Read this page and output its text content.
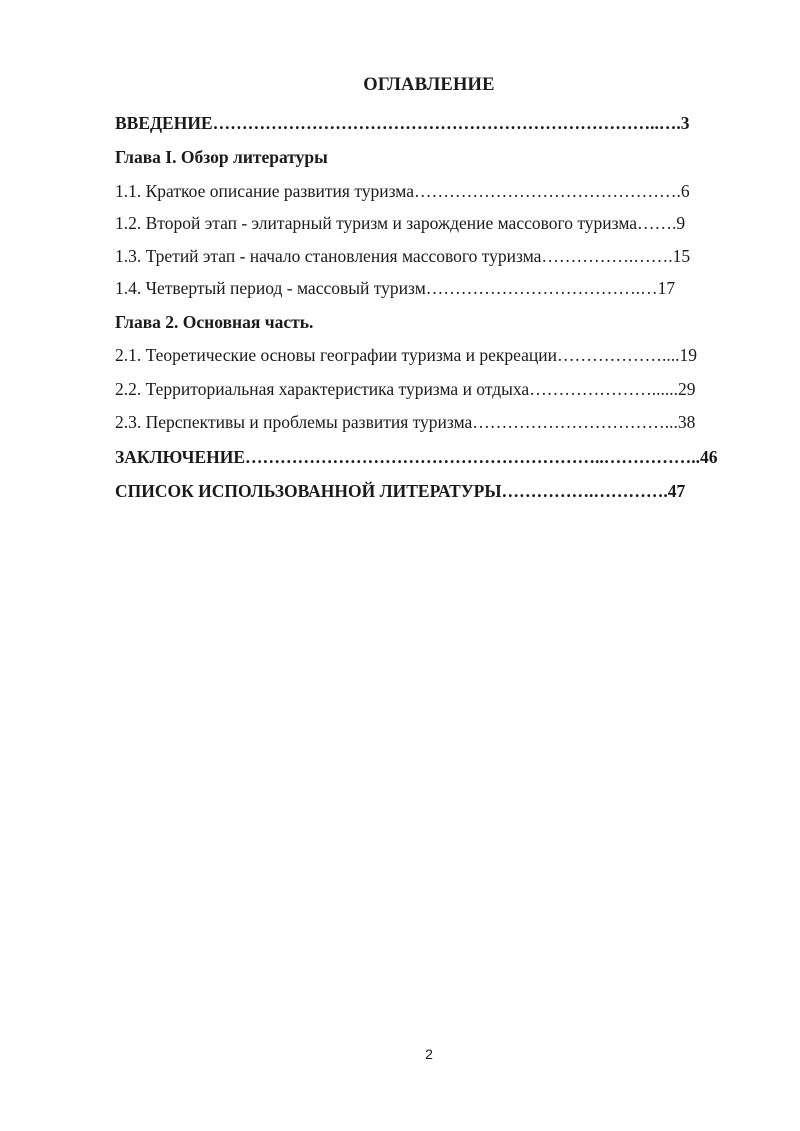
ОГЛАВЛЕНИЕ
ВВЕДЕНИЕ…………………………………………………………………..….3
Глава I. Обзор литературы
1.1. Краткое описание развития туризма……………………………………….6
1.2. Второй этап - элитарный туризм и зарождение массового туризма…….9
1.3. Третий этап - начало становления массового туризма…………….…….15
1.4. Четвертый период - массовый туризм……………………………….…17
Глава 2. Основная часть.
2.1. Теоретические основы географии туризма и рекреации………………....19
2.2. Территориальная характеристика туризма и отдыха…………………......29
2.3. Перспективы и проблемы развития туризма……………………………...38
ЗАКЛЮЧЕНИЕ……………………………………………………..……………..46
СПИСОК ИСПОЛЬЗОВАННОЙ ЛИТЕРАТУРЫ…………….………….47
2
